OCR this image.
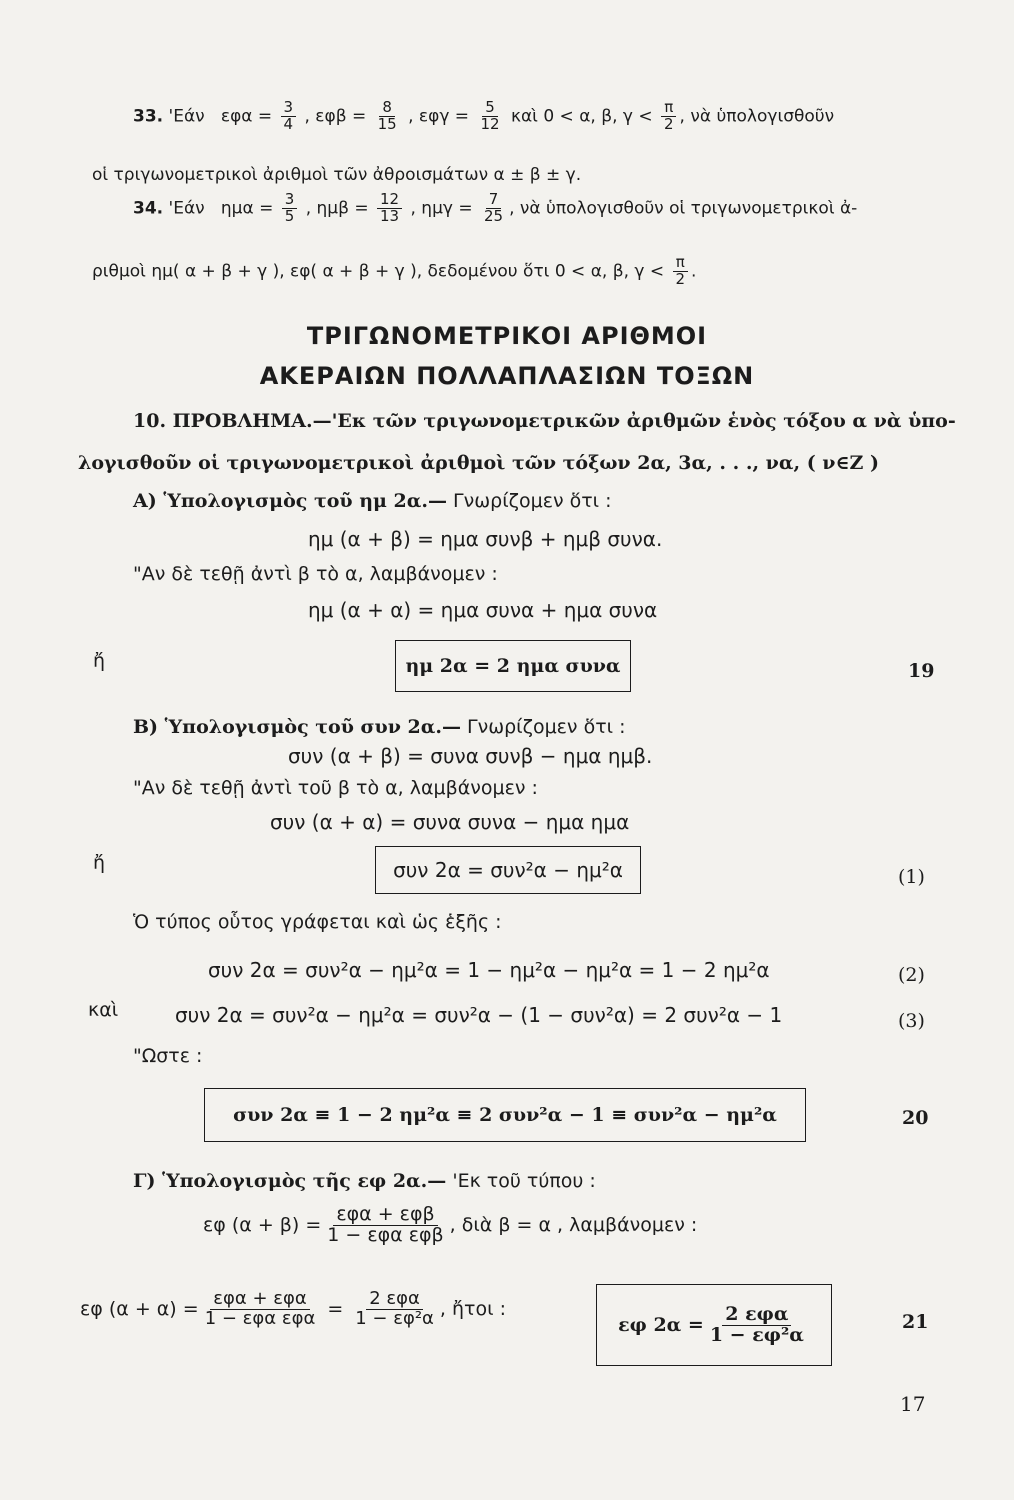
33. 'Εάν $\varepsilon\varphi\alpha = \frac{3}{4}$ , $\varepsilon\varphi\beta = \frac{8}{15}$ , $\varepsilon\varphi\gamma = \frac{5}{12}$ καὶ 0 < α, β, $\gamma < \frac{\pi}{2}$ , νὰ ὑπολογισθοῦν
οἱ τριγωνομετρικοὶ ἀριθμοὶ τῶν ἀθροισμάτων α ± β ± γ.
34. 'Εάν $\eta\mu\alpha = \frac{3}{5}$ , $\eta\mu\beta = \frac{12}{13}$ , $\eta\mu\gamma = \frac{7}{25}$ , νὰ ὑπολογισθοῦν οἱ τριγωνομετρικοὶ ἀ-
ριθμοὶ ημ( α + β + γ ), εφ( α + β + γ ), δεδομένου ὅτι 0 < α, β, $\gamma < \frac{\pi}{2}$ .
ΤΡΙΓΩΝΟΜΕΤΡΙΚΟΙ ΑΡΙΘΜΟΙ
ΑΚΕΡΑΙΩΝ ΠΟΛΛΑΠΛΑΣΙΩΝ ΤΟΞΩΝ
10. ΠΡΟΒΛΗΜΑ.—'Εκ τῶν τριγωνομετρικῶν ἀριθμῶν ἑνὸς τόξου α νὰ ὑπο-
λογισθοῦν οἱ τριγωνομετρικοὶ ἀριθμοὶ τῶν τόξων 2α, 3α, . . ., να, ( ν∈Z )
Α) Ὑπολογισμὸς τοῦ ημ 2α.— Γνωρίζομεν ὅτι :
ημ (α + β) = ημα συνβ + ημβ συνα.
"Αν δὲ τεθῇ ἀντὶ β τὸ α, λαμβάνομεν :
ημ (α + α) = ημα συνα + ημα συνα
ἤ	ημ 2α = 2 ημα συνα	19
Β) Ὑπολογισμὸς τοῦ συν 2α.— Γνωρίζομεν ὅτι :
συν (α + β) = συνα συνβ − ημα ημβ.
"Αν δὲ τεθῇ ἀντὶ τοῦ β τὸ α, λαμβάνομεν :
συν (α + α) = συνα συνα − ημα ημα
ἤ	συν 2α = συν²α − ημ²α	(1)
Ὁ τύπος οὗτος γράφεται καὶ ὡς ἑξῆς :
συν 2α = συν²α − ημ²α = 1 − ημ²α − ημ²α = 1 − 2 ημ²α	(2)
καὶ	συν 2α = συν²α − ημ²α = συν²α − (1 − συν²α) = 2 συν²α − 1	(3)
"Ωστε :
συν 2α ≡ 1 − 2 ημ²α ≡ 2 συν²α − 1 ≡ συν²α − ημ²α	20
Γ) Ὑπολογισμὸς τῆς εφ 2α.— 'Εκ τοῦ τύπου :
εφ $(\alpha + \beta) = \frac{\text{εφα + εφβ}}{\text{1 − εφα εφβ}}$ , διὰ β = α , λαμβάνομεν :
εφ $(\alpha + \alpha) = \frac{\text{εφα + εφα}}{\text{1 − εφα εφα}} = \frac{\text{2 εφα}}{\text{1 − εφ²α}}$ , ἤτοι :
εφ $2\alpha = \frac{\text{2 εφα}}{\text{1 − εφ²α}}$	21
17
